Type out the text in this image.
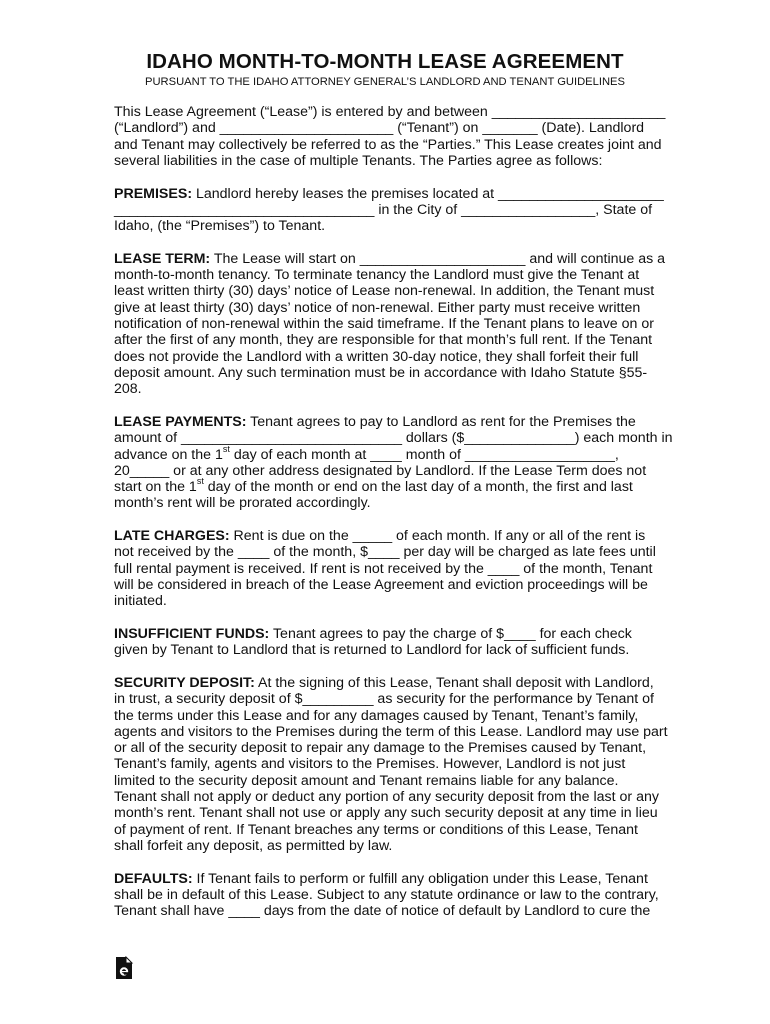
IDAHO MONTH-TO-MONTH LEASE AGREEMENT
PURSUANT TO THE IDAHO ATTORNEY GENERAL’S LANDLORD AND TENANT GUIDELINES

This Lease Agreement (“Lease”) is entered by and between ______________________
(“Landlord”) and ______________________ (“Tenant”) on _______ (Date). Landlord
and Tenant may collectively be referred to as the “Parties.” This Lease creates joint and
several liabilities in the case of multiple Tenants. The Parties agree as follows:

PREMISES: Landlord hereby leases the premises located at _____________________
_________________________________ in the City of _________________, State of
Idaho, (the “Premises”) to Tenant.

LEASE TERM: The Lease will start on _____________________ and will continue as a
month-to-month tenancy. To terminate tenancy the Landlord must give the Tenant at
least written thirty (30) days’ notice of Lease non-renewal. In addition, the Tenant must
give at least thirty (30) days’ notice of non-renewal. Either party must receive written
notification of non-renewal within the said timeframe. If the Tenant plans to leave on or
after the first of any month, they are responsible for that month’s full rent. If the Tenant
does not provide the Landlord with a written 30-day notice, they shall forfeit their full
deposit amount. Any such termination must be in accordance with Idaho Statute §55-
208.

LEASE PAYMENTS: Tenant agrees to pay to Landlord as rent for the Premises the
amount of ____________________________ dollars ($______________) each month in
advance on the 1st day of each month at ____ month of ___________________,
20_____ or at any other address designated by Landlord. If the Lease Term does not
start on the 1st day of the month or end on the last day of a month, the first and last
month’s rent will be prorated accordingly.

LATE CHARGES: Rent is due on the _____ of each month. If any or all of the rent is
not received by the ____ of the month, $____ per day will be charged as late fees until
full rental payment is received. If rent is not received by the ____ of the month, Tenant
will be considered in breach of the Lease Agreement and eviction proceedings will be
initiated.

INSUFFICIENT FUNDS: Tenant agrees to pay the charge of $____ for each check
given by Tenant to Landlord that is returned to Landlord for lack of sufficient funds.

SECURITY DEPOSIT: At the signing of this Lease, Tenant shall deposit with Landlord,
in trust, a security deposit of $_________ as security for the performance by Tenant of
the terms under this Lease and for any damages caused by Tenant, Tenant’s family,
agents and visitors to the Premises during the term of this Lease. Landlord may use part
or all of the security deposit to repair any damage to the Premises caused by Tenant,
Tenant’s family, agents and visitors to the Premises. However, Landlord is not just
limited to the security deposit amount and Tenant remains liable for any balance.
Tenant shall not apply or deduct any portion of any security deposit from the last or any
month’s rent. Tenant shall not use or apply any such security deposit at any time in lieu
of payment of rent. If Tenant breaches any terms or conditions of this Lease, Tenant
shall forfeit any deposit, as permitted by law.

DEFAULTS: If Tenant fails to perform or fulfill any obligation under this Lease, Tenant
shall be in default of this Lease. Subject to any statute ordinance or law to the contrary,
Tenant shall have ____ days from the date of notice of default by Landlord to cure the
